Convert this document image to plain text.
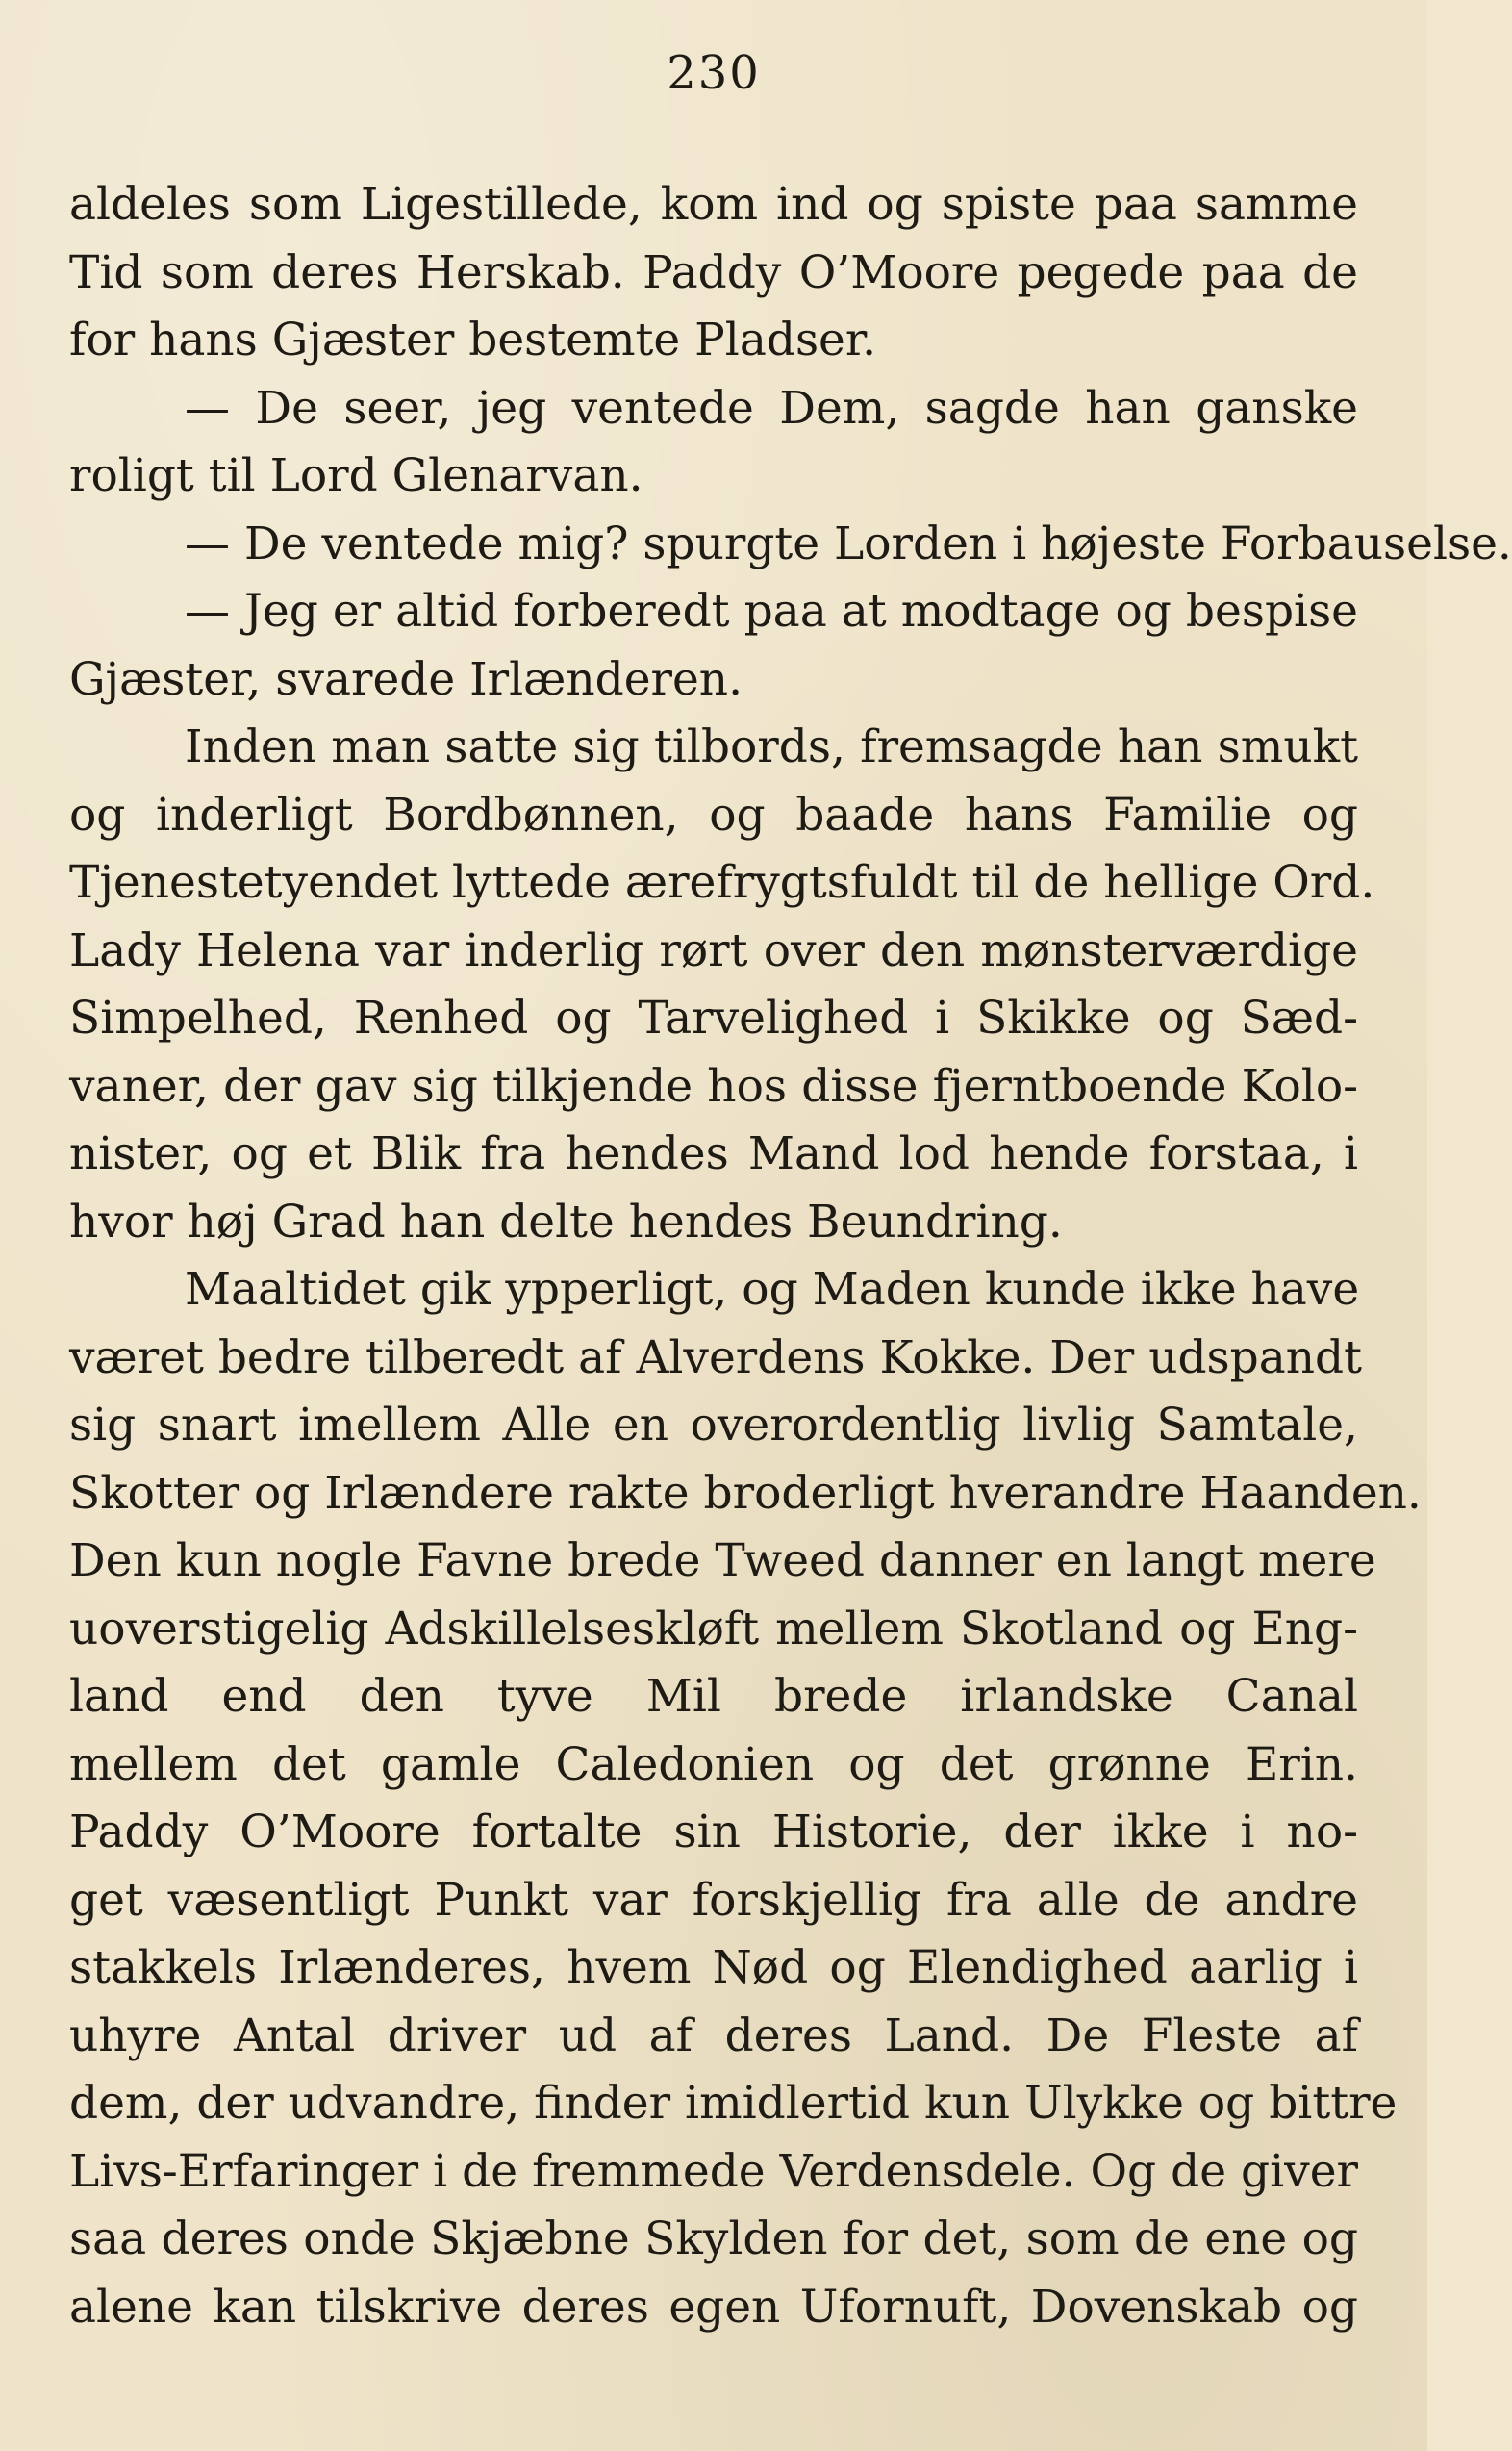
230
aldeles som Ligestillede, kom ind og spiste paa samme
Tid som deres Herskab. Paddy O’Moore pegede paa de
for hans Gjæster bestemte Pladser.
— De seer, jeg ventede Dem, sagde han ganske
roligt til Lord Glenarvan.
— De ventede mig? spurgte Lorden i højeste Forbauselse.
— Jeg er altid forberedt paa at modtage og bespise
Gjæster, svarede Irlænderen.
Inden man satte sig tilbords, fremsagde han smukt
og inderligt Bordbønnen, og baade hans Familie og
Tjenestetyendet lyttede ærefrygtsfuldt til de hellige Ord.
Lady Helena var inderlig rørt over den mønsterværdige
Simpelhed, Renhed og Tarvelighed i Skikke og Sæd-
vaner, der gav sig tilkjende hos disse fjerntboende Kolo-
nister, og et Blik fra hendes Mand lod hende forstaa, i
hvor høj Grad han delte hendes Beundring.
Maaltidet gik ypperligt, og Maden kunde ikke have
været bedre tilberedt af Alverdens Kokke. Der udspandt
sig snart imellem Alle en overordentlig livlig Samtale,
Skotter og Irlændere rakte broderligt hverandre Haanden.
Den kun nogle Favne brede Tweed danner en langt mere
uoverstigelig Adskillelseskløft mellem Skotland og Eng-
land end den tyve Mil brede irlandske Canal
mellem det gamle Caledonien og det grønne Erin.
Paddy O’Moore fortalte sin Historie, der ikke i no-
get væsentligt Punkt var forskjellig fra alle de andre
stakkels Irlænderes, hvem Nød og Elendighed aarlig i
uhyre Antal driver ud af deres Land. De Fleste af
dem, der udvandre, finder imidlertid kun Ulykke og bittre
Livs-Erfaringer i de fremmede Verdensdele. Og de giver
saa deres onde Skjæbne Skylden for det, som de ene og
alene kan tilskrive deres egen Ufornuft, Dovenskab og
